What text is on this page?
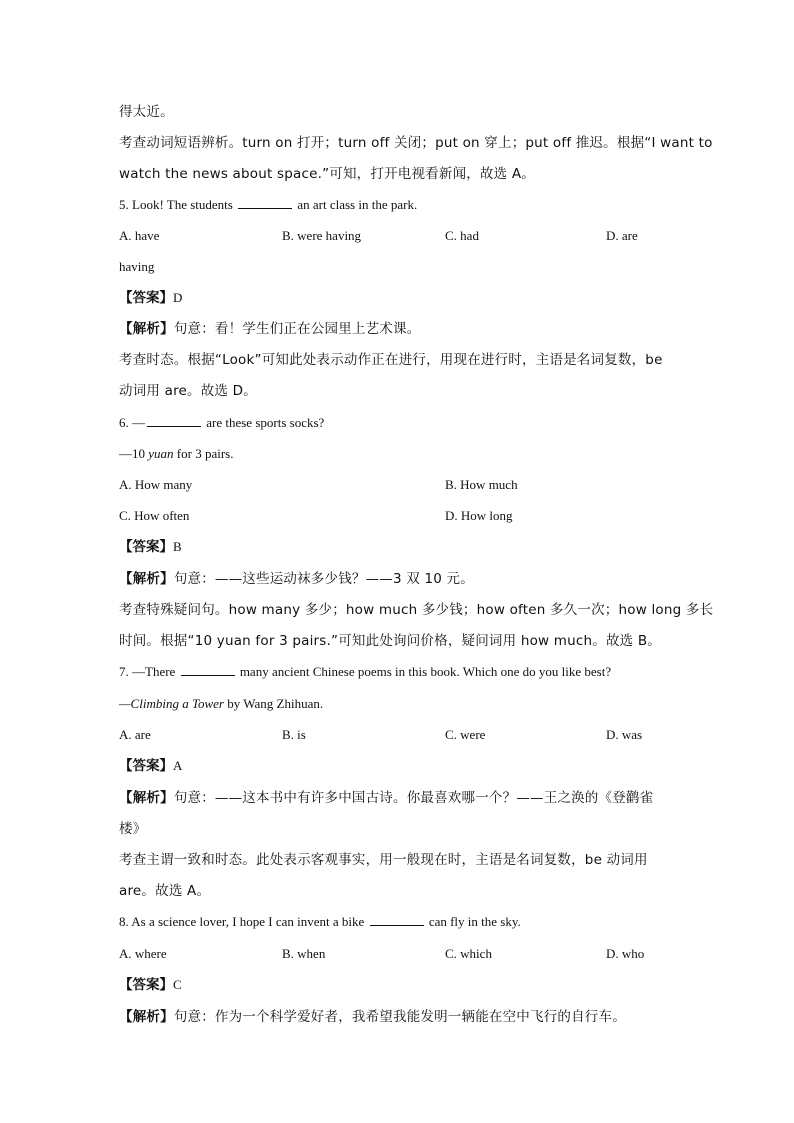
得太近。
考查动词短语辨析。turn on 打开；turn off 关闭；put on 穿上；put off 推迟。根据“I want to
watch the news about space.”可知，打开电视看新闻，故选 A。
5. Look! The students	an art class in the park.
A. have	B. were having	C. had	D. are
having
【答案】D
【解析】句意：看！学生们正在公园里上艺术课。
考查时态。根据“Look”可知此处表示动作正在进行，用现在进行时，主语是名词复数，be
动词用 are。故选 D。
6. —	are these sports socks?
—10 yuan for 3 pairs.
A. How many	B. How much
C. How often	D. How long
【答案】B
【解析】句意：——这些运动袜多少钱？——3 双 10 元。
考查特殊疑问句。how many 多少；how much 多少钱；how often 多久一次；how long 多长
时间。根据“10 yuan for 3 pairs.”可知此处询问价格，疑问词用 how much。故选 B。
7. —There	many ancient Chinese poems in this book. Which one do you like best?
—Climbing a Tower by Wang Zhihuan.
A. are	B. is	C. were	D. was
【答案】A
【解析】句意：——这本书中有许多中国古诗。你最喜欢哪一个？——王之涣的《登鹳雀
楼》
考查主谓一致和时态。此处表示客观事实，用一般现在时，主语是名词复数，be 动词用
are。故选 A。
8. As a science lover, I hope I can invent a bike	can fly in the sky.
A. where	B. when	C. which	D. who
【答案】C
【解析】句意：作为一个科学爱好者，我希望我能发明一辆能在空中飞行的自行车。
